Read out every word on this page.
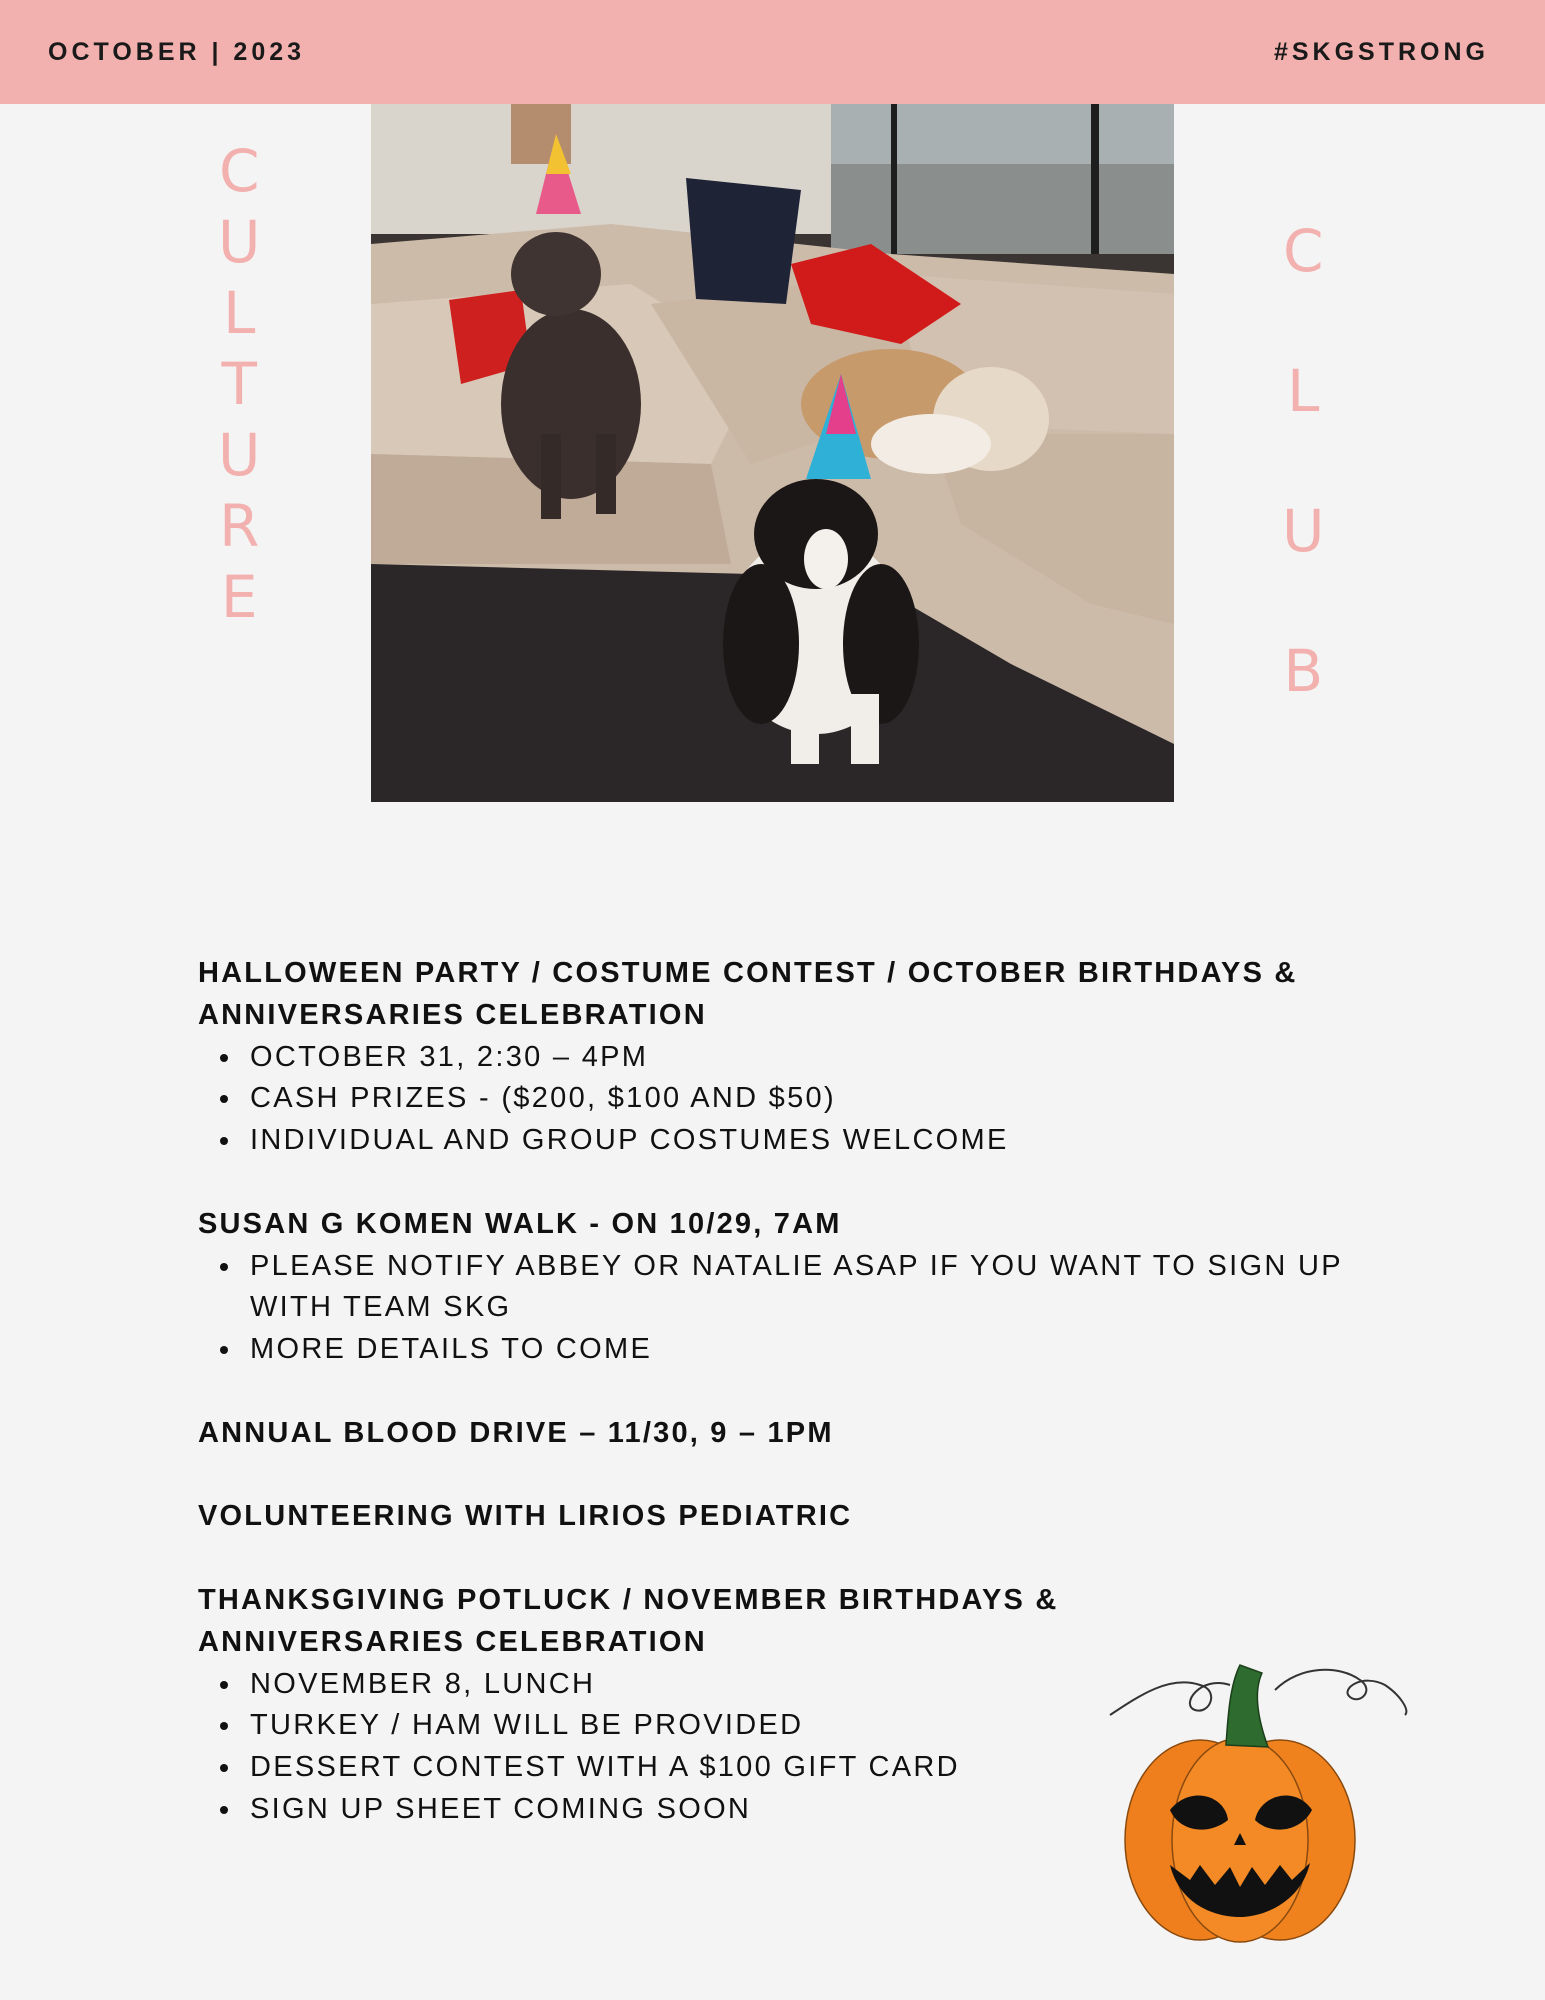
OCTOBER | 2023	#SKGSTRONG
C
U
L
T
U
R
E
C
L
U
B
HALLOWEEN PARTY / COSTUME CONTEST / OCTOBER BIRTHDAYS & ANNIVERSARIES CELEBRATION
OCTOBER 31, 2:30 – 4PM
CASH PRIZES - ($200, $100 AND $50)
INDIVIDUAL AND GROUP COSTUMES WELCOME
SUSAN G KOMEN WALK - ON 10/29, 7AM
PLEASE NOTIFY ABBEY OR NATALIE ASAP IF YOU WANT TO SIGN UP WITH TEAM SKG
MORE DETAILS TO COME
ANNUAL BLOOD DRIVE – 11/30, 9 – 1PM
VOLUNTEERING WITH LIRIOS PEDIATRIC
THANKSGIVING POTLUCK / NOVEMBER BIRTHDAYS & ANNIVERSARIES CELEBRATION
NOVEMBER 8, LUNCH
TURKEY / HAM WILL BE PROVIDED
DESSERT CONTEST WITH A $100 GIFT CARD
SIGN UP SHEET COMING SOON
